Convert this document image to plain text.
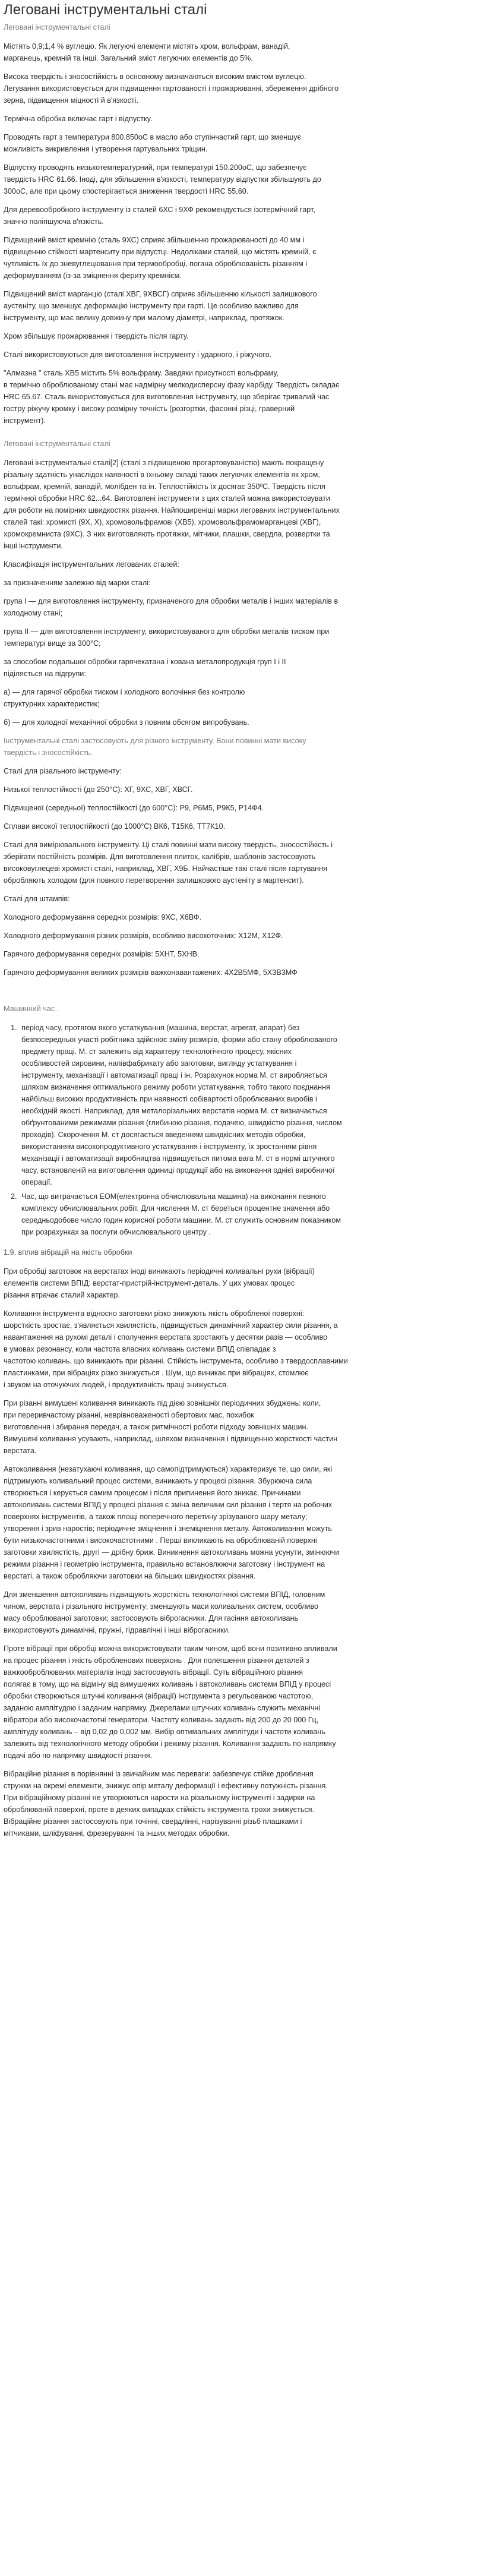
Леговані інструментальні сталі
Леговані інструментальні сталі

Містять 0,9;1,4 % вуглецю. Як легуючі елементи містять хром, вольфрам, ванадій,
марганець, кремній та інші. Загальний зміст легуючих елементів до 5%.

Висока твердість і зносостійкість в основному визначаються високим вмістом вуглецю.
Легування використовується для підвищення гартованості і прожарюванні, збереження дрібного
зерна, підвищення міцності й в'язкості.

Термічна обробка включає гарт і відпустку.

Проводять гарт з температури 800.850оС в масло або ступінчастий гарт, що зменшує
можливість викривлення і утворення гартувальних тріщин.

Відпустку проводять низькотемпературний, при температурі 150.200оС, що забезпечує
твердість HRC 61.66. Іноді, для збільшення в'язкості, температуру відпустки збільшують до
300оС, але при цьому спостерігається зниження твердості HRC 55,60.

Для деревообробного інструменту із сталей 6ХС і 9ХФ рекомендується ізотермічний гарт,
значно поліпшуюча в'язкість.

Підвищений вміст кремнію (сталь 9ХС) сприяє збільшенню прожарюваності до 40 мм і
підвищенню стійкості мартенситу при відпустці. Недоліками сталей, що містять кремній, є
чутливість їх до зневуглецювання при термообробці, погана оброблюваність різанням і
деформуванням (із-за зміцнення фериту кремнієм.

Підвищений вміст марганцю (сталі ХВГ, 9ХВСГ) сприяє збільшенню кількості залишкового
аустеніту, що зменшує деформацію інструменту при гарті. Це особливо важливо для
інструменту, що має велику довжину при малому діаметрі, наприклад, протяжок.

Хром збільшує прожарювання і твердість після гарту.

Сталі використовуються для виготовлення інструменту і ударного, і ріжучого.

"Алмазна " сталь ХВ5 містить 5% вольфраму. Завдяки присутності вольфраму,
в термічно оброблюваному стані має надмірну мелкодисперсну фазу карбіду. Твердість складає
HRC 65.67. Сталь використовується для виготовлення інструменту, що зберігає тривалий час
гостру ріжучу кромку і високу розмірну точність (розгортки, фасонні різці, граверний
інструмент).

Леговані інструментальні сталі

Леговані інструментальні сталі[2] (сталі з підвищеною прогартовуваністю) мають покращену
різальну здатність унаслідок наявності в їхньому складі таких легуючих елементів як хром,
вольфрам, кремній, ванадій, молібден та ін. Теплостійкість їх досягає 350ºС. Твердість після
термічної обробки HRC 62...64. Виготовлені інструменти з цих сталей можна використовувати
для роботи на помірних швидкостях різання. Найпоширеніші марки легованих інструментальних
сталей такі: хромисті (9Х, Х), хромовольфрамові (ХВ5), хромовольфрамомарганцеві (ХВГ),
хромокремниста (9ХС). З них виготовляють протяжки, мітчики, плашки, свердла, розвертки та
інші інструменти.

Класифікація інструментальних легованих сталей:

за призначенням залежно від марки сталі:

група I — для виготовлення інструменту, призначеного для обробки металів і інших матеріалів в
холодному стані;

група II — для виготовлення інструменту, використовуваного для обробки металів тиском при
температурі вище за 300°С;

за способом подальшої обробки гарячекатана і кована металопродукція груп I і II
піділяється на підгрупи:

а) — для гарячої обробки тиском і холодного волочіння без контролю
структурних характеристик;

б) — для холодної механічної обробки з повним обсягом випробувань.

Інструментальні сталі застосовують для різного інструменту. Вони повинні мати високу
твердість і зносостійкість.

Сталі для різального інструменту:

Низької теплостійкості (до 250°С): ХГ, 9ХС, ХВГ, ХВСГ.

Підвищеної (середньої) теплостійкості (до 600°С): Р9, Р6М5, Р9К5, Р14Ф4.

Сплави високої теплостійкості (до 1000°С) ВК6, Т15К6, ТТ7К10.

Сталі для вимірювального інструменту. Ці сталі повинні мати високу твердість, зносостійкість і
зберігати постійність розмірів. Для виготовлення плиток, калібрів, шаблонів застосовують
високовуглецеві хромисті сталі, наприклад, ХВГ, Х9Б. Найчастіше такі сталі після гартування
обробляють холодом (для повного перетворення залишкового аустеніту в мартенсит).

Сталі для штампів:

Холодного деформування середніх розмірів: 9ХС, Х6ВФ.

Холодного деформування різних розмірів, особливо високоточних: Х12М, Х12Ф.

Гарячого деформування середніх розмірів: 5ХНТ, 5ХНВ.

Гарячого деформування великих розмірів важконавантажених: 4Х2В5МФ, 5Х3В3МФ

Машинний час .
1. період часу, протягом якого устаткування (машина, верстат, агрегат, апарат) без
безпосередньої участі робітника здійснює зміну розмірів, форми або стану оброблюваного
предмету праці. М. ст залежить від характеру технологічного процесу, якісних
особливостей сировини, напівфабрикату або заготовки, вигляду устаткування і
інструменту, механізації і автоматизації праці і ін. Розрахунок норма М. ст виробляється
шляхом визначення оптимального режиму роботи устаткування, тобто такого поєднання
найбільш високих продуктивність при наявності собівартості оброблюваних виробів і
необхідній якості. Наприклад, для металорізальних верстатів норма М. ст визначається
обґрунтованими режимами різання (глибиною різання, подачею, швидкістю різання, числом
проходів). Скорочення М. ст досягається введенням швидкісних методів обробки,
використанням високопродуктивного устаткування і інструменту, їх зростанням рівня
механізації і автоматизації виробництва підвищується питома вага М. ст в нормі штучного
часу, встановленій на виготовлення одиниці продукції або на виконання однієї виробничої
операції.
2. Час, що витрачається ЕОМ(електронна обчислювальна машина) на виконання певного
комплексу обчислювальних робіт. Для числення М. ст береться процентне значення або
середньодобове число годин корисної роботи машини. М. ст служить основним показником
при розрахунках за послуги обчислювального центру .
1.9. вплив вібрацій на якість обробки

При обробці заготовок на верстатах іноді виникають періодичні коливальні рухи (вібрації)
елементів системи ВПІД: верстат-пристрій-інструмент-деталь. У цих умовах процес
різання втрачає сталий характер.

Коливання інструмента відносно заготовки різко знижують якість обробленої поверхні:
шорсткість зростає, з'являється хвилястість, підвищується динамічний характер сили різання, а
навантаження на рухомі деталі і сполучення верстата зростають у десятки разів — особливо
в умовах резонансу, коли частота власних коливань системи ВПІД співпадає з
частотою коливань, що виникають при різанні. Стійкість інструмента, особливо з твердосплавними
пластинками, при вібраціях різко знижується . Шум, що виникає при вібраціях, стомлює
і звуком на оточуючих людей, і продуктивність праці знижується.

При різанні вимушені коливання виникають під дією зовнішніх періодичних збуджень: коли,
при переривчастому різанні, неврівноваженості обертових мас, похибок
виготовлення і збирання передач, а також ритмічності роботи підходу зовнішніх машин.
Вимушені коливання усувають, наприклад, шляхом визначення і підвищенню жорсткості частин
верстата.

Автоколивання (незатухаючі коливання, що самопідтримуються) характеризує те, що сили, які
підтримують коливальний процес системи, виникають у процесі різання. Збурююча сила
створюється і керується самим процесом і після припинення його зникає. Причинами
автоколивань системи ВПІД у процесі різання є зміна величини сил різання і тертя на робочих
поверхнях інструментів, а також площі поперечного перетину зрізуваного шару металу;
утворення і зрив наростів; періодичне зміцнення і знеміцнення металу. Автоколивання можуть
бути низькочастотними і високочастотними . Перші викликають на оброблюваній поверхні
заготовки хвилястість, другі — дрібну бриж. Виникнення автоколивань можна усунути, змінюючи
режими різання і геометрію інструмента, правильно встановлюючи заготовку і інструмент на
верстаті, а також обробляючи заготовки на більших швидкостях різання.

Для зменшення автоколивань підвищують жорсткість технологічної системи ВПІД, головним
чином, верстата і різального інструменту; зменшують маси коливальних систем, особливо
масу оброблюваної заготовки; застосовують віброгасники. Для гасіння автоколивань
використовують динамічні, пружні, гідравлічні і інші віброгасники.

Проте вібрації при обробці можна використовувати таким чином, щоб вони позитивно впливали
на процес різання і якість обробленових поверхонь . Для полегшення різання деталей з
важкооброблюваних матеріалів іноді застосовують вібрації. Суть вібраційного різання
полягає в тому, що на відміну від вимушених коливань і автоколивань системи ВПІД у процесі
обробки створюються штучні коливання (вібрації) інструмента з регульованою частотою,
заданою амплітудою і заданим напрямку. Джерелами штучних коливань служить механічні
вібратори або високочастотні генератори. Частоту коливань задають від 200 до 20 000 Гц,
амплітуду коливань – від 0,02 до 0,002 мм. Вибір оптимальних амплітуди і частоти коливань
залежить від технологічного методу обробки і режиму різання. Коливання задають по напрямку
подачі або по напрямку швидкості різання.

Вібраційне різання в порівнянні із звичайним має переваги: забезпечує стійке дроблення
стружки на окремі елементи, знижує опір металу деформації і ефективну потужність різання.
При вібраційному різанні не утворюються нарости на різальному інструменті і задирки на
оброблюваній поверхні, проте в деяких випадках стійкість інструмента трохи знижується.
Вібраційне різання застосовують при точінні, свердлінні, нарізуванні різьб плашками і
мітчиками, шліфуванні, фрезеруванні та інших методах обробки.
